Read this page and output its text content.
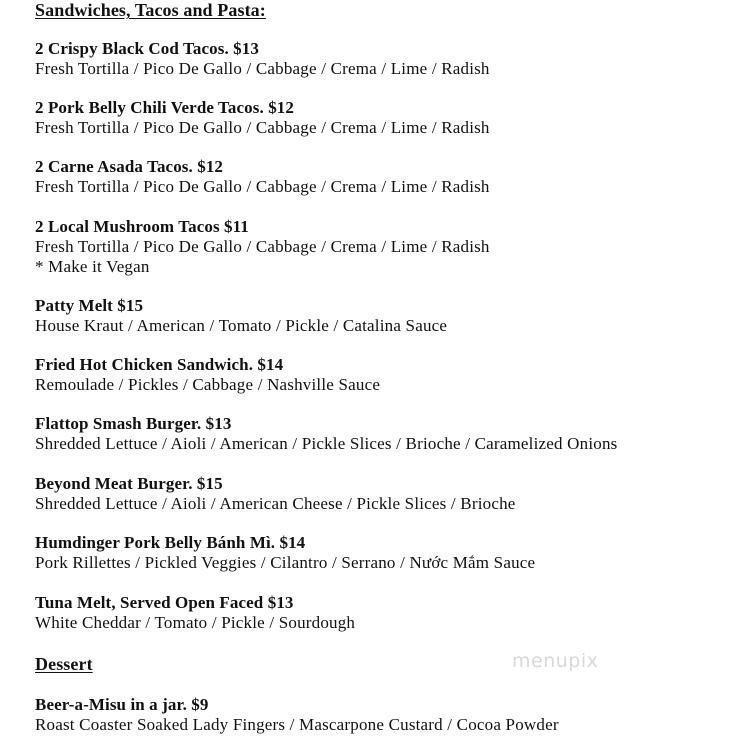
Sandwiches, Tacos and Pasta:
2 Crispy Black Cod Tacos. $13
Fresh Tortilla / Pico De Gallo / Cabbage / Crema / Lime / Radish
2 Pork Belly Chili Verde Tacos. $12
Fresh Tortilla / Pico De Gallo / Cabbage / Crema / Lime / Radish
2 Carne Asada Tacos. $12
Fresh Tortilla / Pico De Gallo / Cabbage / Crema / Lime / Radish
2 Local Mushroom Tacos $11
Fresh Tortilla / Pico De Gallo / Cabbage / Crema / Lime / Radish
* Make it Vegan
Patty Melt $15
House Kraut / American / Tomato / Pickle / Catalina Sauce
Fried Hot Chicken Sandwich. $14
Remoulade / Pickles / Cabbage / Nashville Sauce
Flattop Smash Burger. $13
Shredded Lettuce / Aioli / American / Pickle Slices / Brioche / Caramelized Onions
Beyond Meat Burger. $15
Shredded Lettuce / Aioli / American Cheese / Pickle Slices / Brioche
Humdinger Pork Belly Bánh Mì. $14
Pork Rillettes / Pickled Veggies / Cilantro / Serrano / Nước Mắm Sauce
Tuna Melt, Served Open Faced $13
White Cheddar / Tomato / Pickle / Sourdough
Dessert
Beer-a-Misu in a jar. $9
Roast Coaster Soaked Lady Fingers / Mascarpone Custard / Cocoa Powder
menupix
